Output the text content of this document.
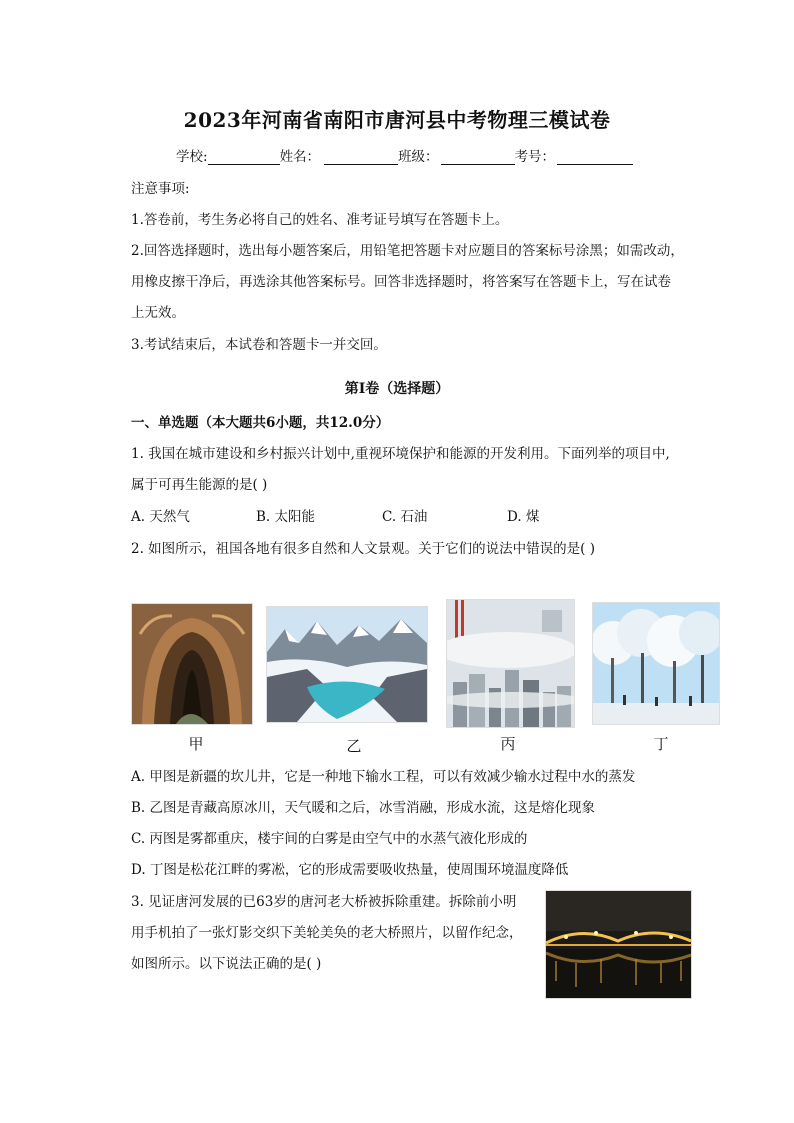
2023年河南省南阳市唐河县中考物理三模试卷
学校:	姓名：	班级：	考号：
注意事项:
1.答卷前，考生务必将自己的姓名、准考证号填写在答题卡上。
2.回答选择题时，选出每小题答案后，用铅笔把答题卡对应题目的答案标号涂黑；如需改动，
用橡皮擦干净后，再选涂其他答案标号。回答非选择题时，将答案写在答题卡上，写在试卷
上无效。
3.考试结束后，本试卷和答题卡一并交回。
第Ⅰ卷（选择题）
一、单选题（本大题共6小题，共12.0分）
1. 我国在城市建设和乡村振兴计划中,重视环境保护和能源的开发利用。下面列举的项目中,
属于可再生能源的是( )
A. 天然气	B. 太阳能	C. 石油	D. 煤
2. 如图所示，祖国各地有很多自然和人文景观。关于它们的说法中错误的是( )
甲	乙	丙	丁
A. 甲图是新疆的坎儿井，它是一种地下输水工程，可以有效减少输水过程中水的蒸发
B. 乙图是青藏高原冰川，天气暖和之后，冰雪消融，形成水流，这是熔化现象
C. 丙图是雾都重庆，楼宇间的白雾是由空气中的水蒸气液化形成的
D. 丁图是松花江畔的雾凇，它的形成需要吸收热量，使周围环境温度降低
3. 见证唐河发展的已63岁的唐河老大桥被拆除重建。拆除前小明
用手机拍了一张灯影交织下美轮美奂的老大桥照片，以留作纪念，
如图所示。以下说法正确的是( )
